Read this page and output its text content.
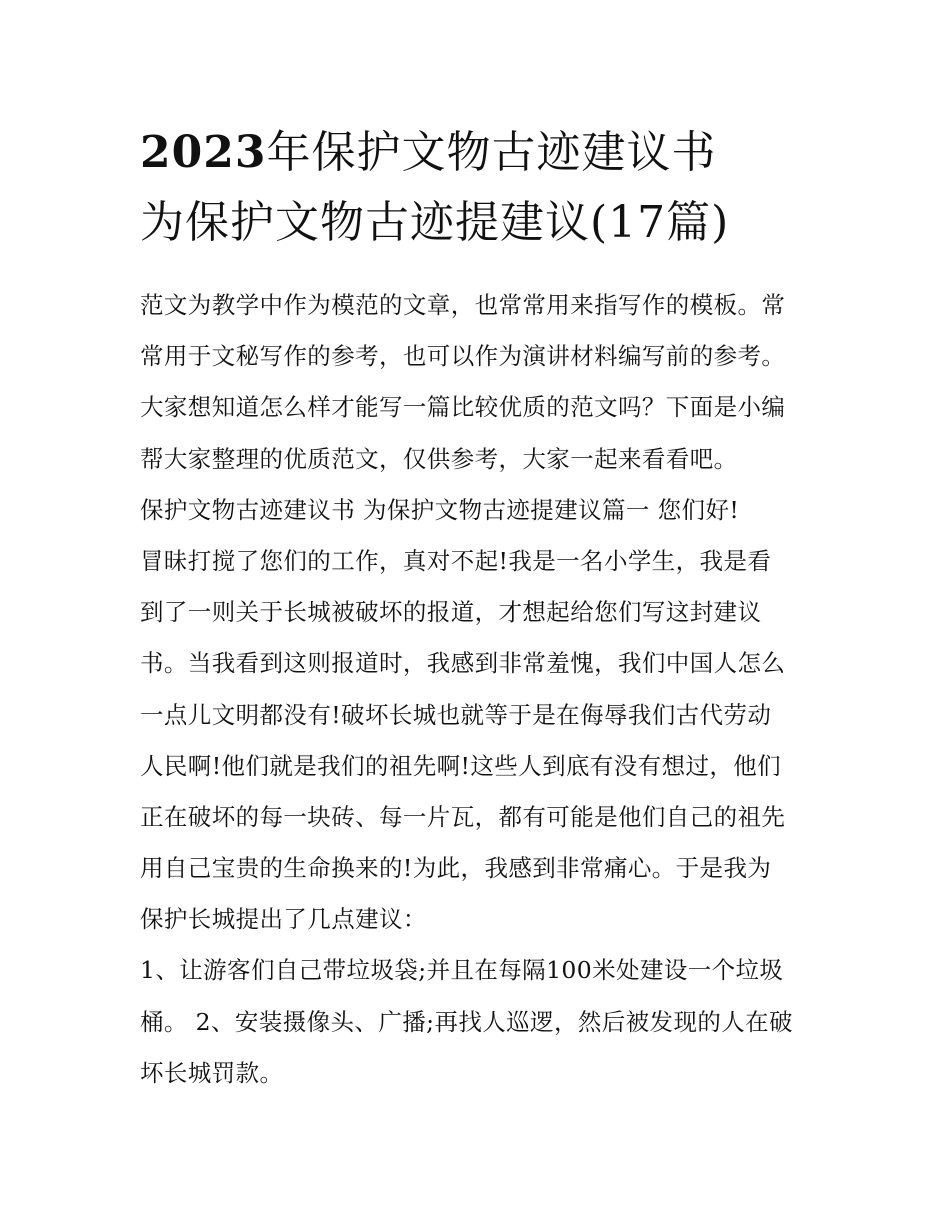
2023年保护文物古迹建议书
为保护文物古迹提建议(17篇)
范文为教学中作为模范的文章，也常常用来指写作的模板。常
常用于文秘写作的参考，也可以作为演讲材料编写前的参考。
大家想知道怎么样才能写一篇比较优质的范文吗？下面是小编
帮大家整理的优质范文，仅供参考，大家一起来看看吧。
保护文物古迹建议书 为保护文物古迹提建议篇一 您们好!
冒昧打搅了您们的工作，真对不起!我是一名小学生，我是看
到了一则关于长城被破坏的报道，才想起给您们写这封建议
书。当我看到这则报道时，我感到非常羞愧，我们中国人怎么
一点儿文明都没有!破坏长城也就等于是在侮辱我们古代劳动
人民啊!他们就是我们的祖先啊!这些人到底有没有想过，他们
正在破坏的每一块砖、每一片瓦，都有可能是他们自己的祖先
用自己宝贵的生命换来的!为此，我感到非常痛心。于是我为
保护长城提出了几点建议：
1、让游客们自己带垃圾袋;并且在每隔100米处建设一个垃圾
桶。 2、安装摄像头、广播;再找人巡逻，然后被发现的人在破
坏长城罚款。
